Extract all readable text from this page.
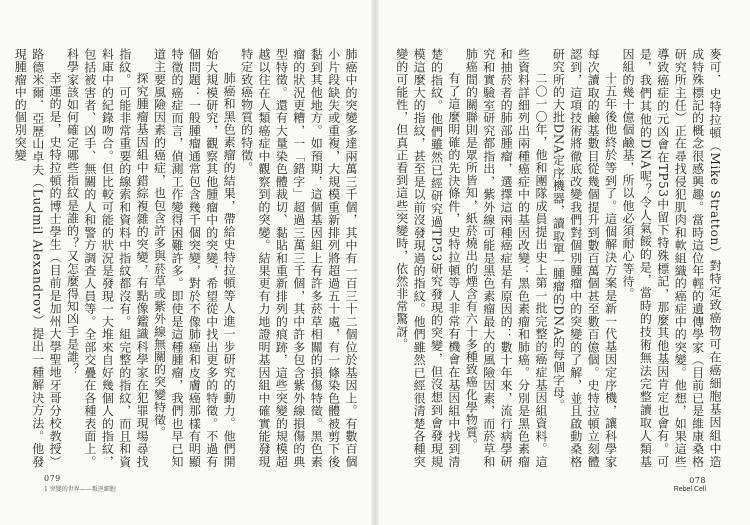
肺癌中的突變多達兩萬三千個，其中有一百三十二個位於基因上。有數百個小片段缺失或重複，大規模重新排列將超過五十處，有一條染色體被剪下後黏到其他地方。如預期，這個基因組上有許多菸草相關的損傷特徵。黑色素瘤的狀況更糟，一「錯字」超過三萬三千個，其中許多包含紫外線損傷的典型特徵。還有大量染色體裁切、黏貼和重新排列的痕跡，這些突變的規模超越以往在人類癌症中觀察到的突變。結果更有力地證明基因組中確實能發現特定致癌物質的特徵。

肺癌和黑色素瘤的結果，帶給史特拉頓等人進一步研究的動力。他們開始大規模研究，觀察其他腫瘤中的突變，希望從中找出更多的特徵。不過有個問題：一般腫瘤通常包含幾千個突變，對於不像肺癌和皮膚癌那樣有明顯特徵的癌症而言，偵測工作變得困難許多。即使是這種腫瘤，我們也早已知道主要風險因素的癌症，也包含許多與菸草或紫外線無關的突變特徵。

探究腫瘤基因組中錯綜複雜的突變，有點像鑑識科學家在犯罪現場尋找指紋。可能非常重要的線索和資料中指紋都沒有。組完整的指紋，而且和資料庫中的紀錄吻合。但比較可能的狀況是發現一大堆來自好幾個人的指紋，包括被害者、凶手、無關的人和警方調查人員等。全部交疊在各種表面上。科學家該如何確定哪些指紋是誰的？又怎麼得知凶手是誰？

幸運的是，史特拉頓的博士學生（目前是加州大學聖地牙哥分校教授）路德米爾．亞歷山卓夫（Ludmil Alexandrov）提出一種解決方法。他發現腫瘤中的個別突變

079
1 突變的世界——叛逆細胞

麥可．史特拉頓（Mike Stratton）對特定致癌物可在癌細胞基因組中造成特殊標記的概念很感興趣。當時這位年輕的遺傳學家（目前已是維康桑格研究所主任）正在尋找侵犯肌肉和軟組織的癌症中的突變。他想，如果這些導致癌症的元凶會在TP53中留下特殊標記，那麼其他基因肯定也會有。可是，我們其他的DNA呢？令人氣餒的是，當時的技術無法完整讀取人類基因組的幾十億個鹼基，所以他必須耐心等待。

十五年後他終於等到了。這個解決方案是新一代基因定序機，讓科學家每次讀取的鹼基數目從幾個提升到數百萬個甚至數百億個。史特拉頓立刻體認到，這項技術將徹底改變我們對個別腫瘤中的突變的了解，並且啟動桑格研究所的大批DNA定序機器，讀取單一腫瘤的DNA的每個字母。

二〇一〇年，他和團隊成員提出史上第一批完整的癌症基因組資料。這些資料詳細列出兩種癌症中的基因改變：黑色素瘤和肺癌。分別是黑色素瘤和抽菸者的肺部腫瘤，選擇這兩種癌症是有原因的：數十年來，流行病學研究和實驗室研究都指出，紫外線可能是黑色素瘤最大的風險因素，而菸草和肺癌間的關聯則是眾所皆知，紙菸燒出的煙含有六十多種致癌化學物質。

有了這麼明確的先決條件，史特拉頓等人非常有機會在基因組中找到清楚的指紋。他們雖然已經研究過TP53研究發現的突變，但沒想到會發現規模這麼大的指紋，甚至是以前沒發現過的指紋。他們雖然已經很清楚各種突變的可能性，但真正看到這些突變時，依然非常驚訝。

078
Rebel Cell
